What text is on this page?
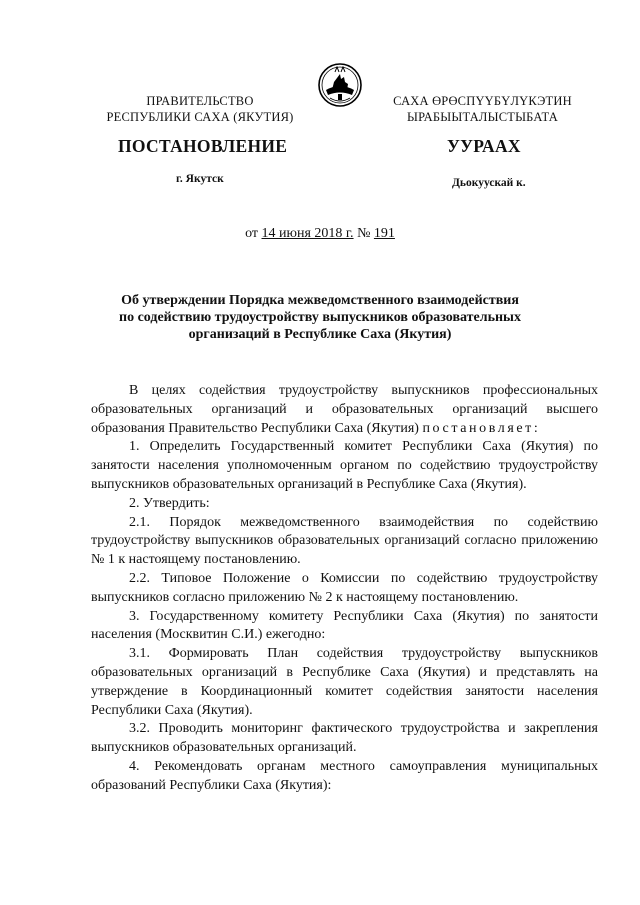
ПРАВИТЕЛЬСТВО
РЕСПУБЛИКИ САХА (ЯКУТИЯ)
САХА ӨРӨСПҮҮБҮЛҮКЭТИН
ЫРАБЫЫТАЛЫСТЫБАТА
ПОСТАНОВЛЕНИЕ	УУРААХ
г. Якутск	Дьокуускай к.
от 14 июня 2018 г. № 191
Об утверждении Порядка межведомственного взаимодействия
по содействию трудоустройству выпускников образовательных
организаций в Республике Саха (Якутия)

В целях содействия трудоустройству выпускников профессиональных образовательных организаций и образовательных организаций высшего образования Правительство Республики Саха (Якутия) постановляет:

1. Определить Государственный комитет Республики Саха (Якутия) по занятости населения уполномоченным органом по содействию трудоустройству выпускников образовательных организаций в Республике Саха (Якутия).

2. Утвердить:

2.1. Порядок межведомственного взаимодействия по содействию трудоустройству выпускников образовательных организаций согласно приложению № 1 к настоящему постановлению.

2.2. Типовое Положение о Комиссии по содействию трудоустройству выпускников согласно приложению № 2 к настоящему постановлению.

3. Государственному комитету Республики Саха (Якутия) по занятости населения (Москвитин С.И.) ежегодно:

3.1. Формировать План содействия трудоустройству выпускников образовательных организаций в Республике Саха (Якутия) и представлять на утверждение в Координационный комитет содействия занятости населения Республики Саха (Якутия).

3.2. Проводить мониторинг фактического трудоустройства и закрепления выпускников образовательных организаций.

4. Рекомендовать органам местного самоуправления муниципальных образований Республики Саха (Якутия):
